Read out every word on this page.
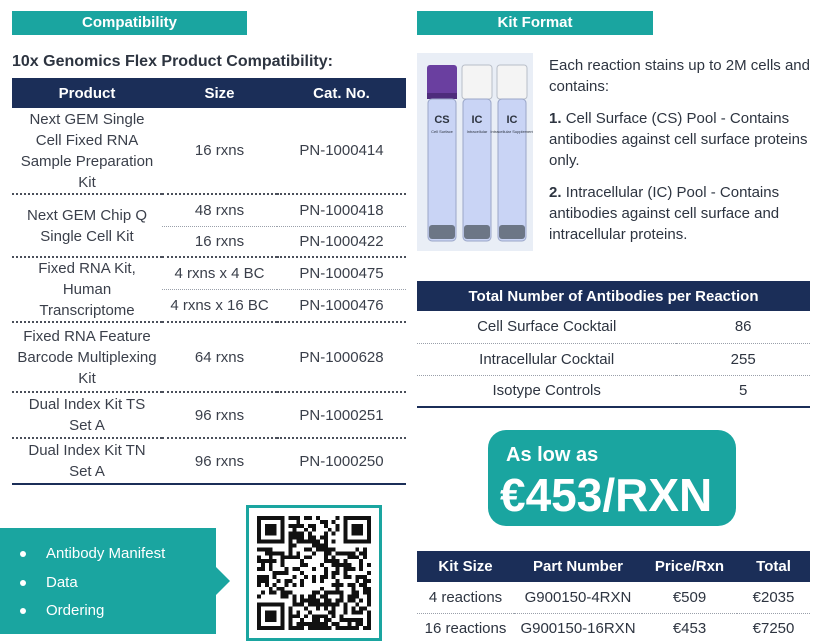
Compatibility	Kit Format
10x Genomics Flex Product Compatibility:
Product	Size	Cat. No.
Next GEM Single Cell Fixed RNA Sample Preparation Kit	16 rxns	PN-1000414
Next GEM Chip Q Single Cell Kit	48 rxns	PN-1000418
	16 rxns	PN-1000422
Fixed RNA Kit, Human Transcriptome	4 rxns x 4 BC	PN-1000475
	4 rxns x 16 BC	PN-1000476
Fixed RNA Feature Barcode Multiplexing Kit	64 rxns	PN-1000628
Dual Index Kit TS Set A	96 rxns	PN-1000251
Dual Index Kit TN Set A	96 rxns	PN-1000250
CS
Cell Surface
IC
Intracellular
IC
Intracellular Supplement

Each reaction stains up to 2M cells and contains:

1. Cell Surface (CS) Pool - Contains antibodies against cell surface proteins only.

2. Intracellular (IC) Pool - Contains antibodies against cell surface and intracellular proteins.

Total Number of Antibodies per Reaction	
Cell Surface Cocktail	86
Intracellular Cocktail	255
Isotype Controls	5
As low as
€453/RXN
Kit Size	Part Number	Price/Rxn	Total
4 reactions	G900150-4RXN	€509	€2035
16 reactions	G900150-16RXN	€453	€7250
Antibody Manifest
Data
Ordering
